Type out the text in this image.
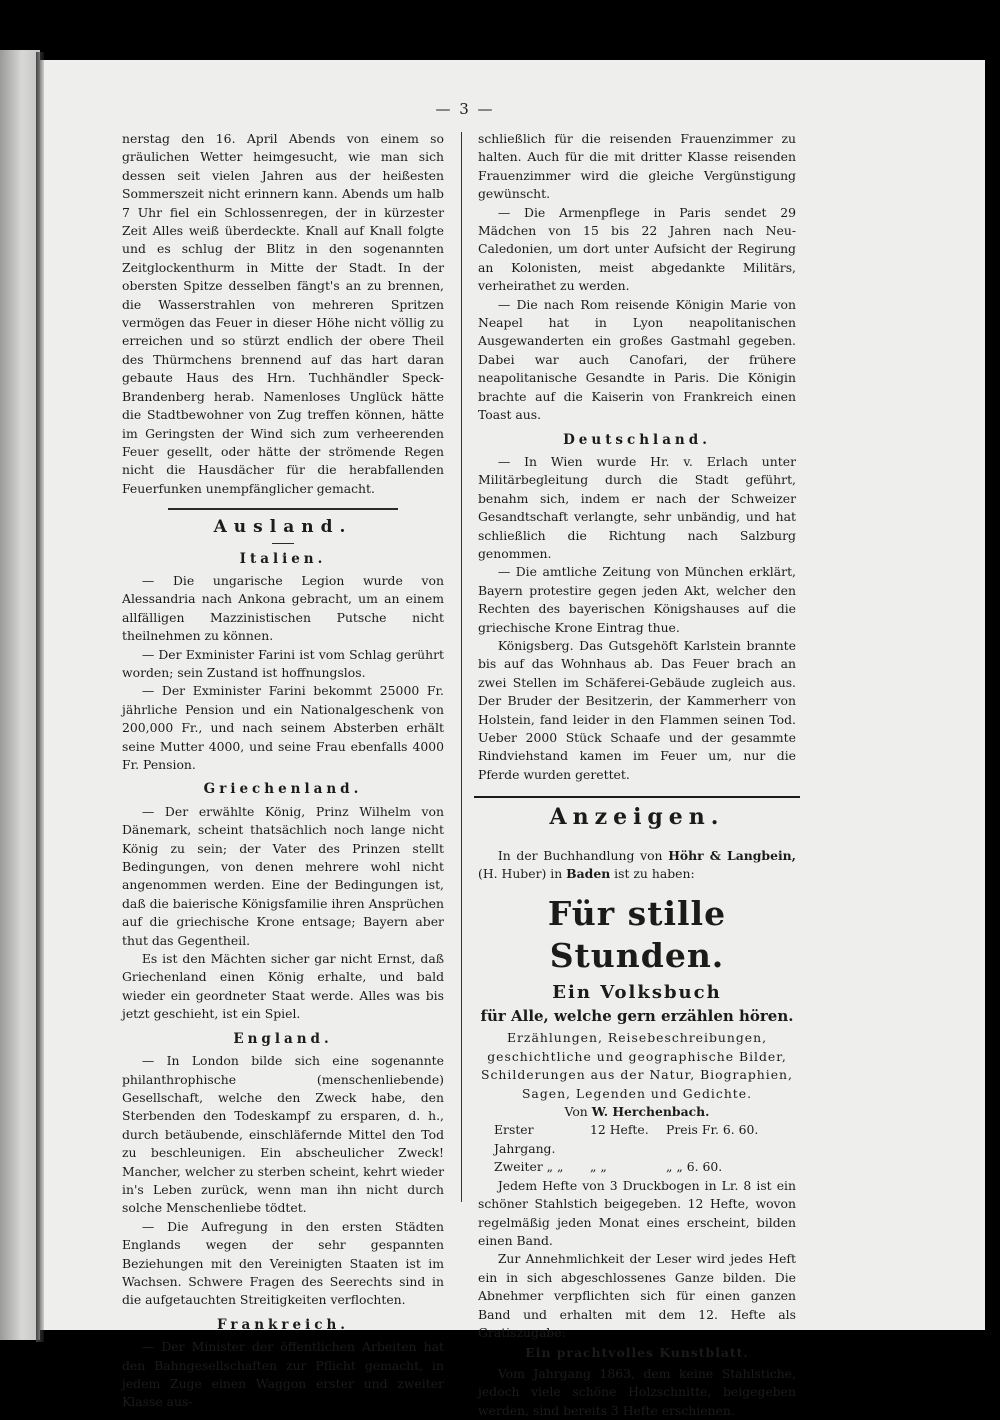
— 3 —

nerstag den 16. April Abends von einem so gräulichen Wetter heimgesucht, wie man sich dessen seit vielen Jahren aus der heißesten Sommerszeit nicht erinnern kann. Abends um halb 7 Uhr fiel ein Schlossenregen, der in kürzester Zeit Alles weiß überdeckte. Knall auf Knall folgte und es schlug der Blitz in den sogenannten Zeitglockenthurm in Mitte der Stadt. In der obersten Spitze desselben fängt's an zu brennen, die Wasserstrahlen von mehreren Spritzen vermögen das Feuer in dieser Höhe nicht völlig zu erreichen und so stürzt endlich der obere Theil des Thürmchens brennend auf das hart daran gebaute Haus des Hrn. Tuchhändler Speck-Brandenberg herab. Namenloses Unglück hätte die Stadtbewohner von Zug treffen können, hätte im Geringsten der Wind sich zum verheerenden Feuer gesellt, oder hätte der strömende Regen nicht die Hausdächer für die herabfallenden Feuerfunken unempfänglicher gemacht.

Ausland.
Italien.

— Die ungarische Legion wurde von Alessandria nach Ankona gebracht, um an einem allfälligen Mazzinistischen Putsche nicht theilnehmen zu können.

— Der Exminister Farini ist vom Schlag gerührt worden; sein Zustand ist hoffnungslos.

— Der Exminister Farini bekommt 25000 Fr. jährliche Pension und ein Nationalgeschenk von 200,000 Fr., und nach seinem Absterben erhält seine Mutter 4000, und seine Frau ebenfalls 4000 Fr. Pension.

Griechenland.

— Der erwählte König, Prinz Wilhelm von Dänemark, scheint thatsächlich noch lange nicht König zu sein; der Vater des Prinzen stellt Bedingungen, von denen mehrere wohl nicht angenommen werden. Eine der Bedingungen ist, daß die baierische Königsfamilie ihren Ansprüchen auf die griechische Krone entsage; Bayern aber thut das Gegentheil.

Es ist den Mächten sicher gar nicht Ernst, daß Griechenland einen König erhalte, und bald wieder ein geordneter Staat werde. Alles was bis jetzt geschieht, ist ein Spiel.

England.

— In London bilde sich eine sogenannte philanthrophische (menschenliebende) Gesellschaft, welche den Zweck habe, den Sterbenden den Todeskampf zu ersparen, d. h., durch betäubende, einschläfernde Mittel den Tod zu beschleunigen. Ein abscheulicher Zweck! Mancher, welcher zu sterben scheint, kehrt wieder in's Leben zurück, wenn man ihn nicht durch solche Menschenliebe tödtet.

— Die Aufregung in den ersten Städten Englands wegen der sehr gespannten Beziehungen mit den Vereinigten Staaten ist im Wachsen. Schwere Fragen des Seerechts sind in die aufgetauchten Streitigkeiten verflochten.

Frankreich.

— Der Minister der öffentlichen Arbeiten hat den Bahngesellschaften zur Pflicht gemacht, in jedem Zuge einen Waggon erster und zweiter Klasse aus-

schließlich für die reisenden Frauenzimmer zu halten. Auch für die mit dritter Klasse reisenden Frauenzimmer wird die gleiche Vergünstigung gewünscht.

— Die Armenpflege in Paris sendet 29 Mädchen von 15 bis 22 Jahren nach Neu-Caledonien, um dort unter Aufsicht der Regirung an Kolonisten, meist abgedankte Militärs, verheirathet zu werden.

— Die nach Rom reisende Königin Marie von Neapel hat in Lyon neapolitanischen Ausgewanderten ein großes Gastmahl gegeben. Dabei war auch Canofari, der frühere neapolitanische Gesandte in Paris. Die Königin brachte auf die Kaiserin von Frankreich einen Toast aus.

Deutschland.

— In Wien wurde Hr. v. Erlach unter Militärbegleitung durch die Stadt geführt, benahm sich, indem er nach der Schweizer Gesandtschaft verlangte, sehr unbändig, und hat schließlich die Richtung nach Salzburg genommen.

— Die amtliche Zeitung von München erklärt, Bayern protestire gegen jeden Akt, welcher den Rechten des bayerischen Königshauses auf die griechische Krone Eintrag thue.

Königsberg. Das Gutsgehöft Karlstein brannte bis auf das Wohnhaus ab. Das Feuer brach an zwei Stellen im Schäferei-Gebäude zugleich aus. Der Bruder der Besitzerin, der Kammerherr von Holstein, fand leider in den Flammen seinen Tod. Ueber 2000 Stück Schaafe und der gesammte Rindviehstand kamen im Feuer um, nur die Pferde wurden gerettet.

Anzeigen.

In der Buchhandlung von Höhr & Langbein, (H. Huber) in Baden ist zu haben:

Für stille Stunden.
Ein Volksbuch
für Alle, welche gern erzählen hören.

Erzählungen, Reisebeschreibungen, geschichtliche und geographische Bilder, Schilderungen aus der Natur, Biographien, Sagen, Legenden und Gedichte.

Von W. Herchenbach.

Erster Jahrgang.
12 Hefte.	Preis Fr. 6. 60.
Zweiter „ „	„ „	„ „ 6. 60.

Jedem Hefte von 3 Druckbogen in Lr. 8 ist ein schöner Stahlstich beigegeben. 12 Hefte, wovon regelmäßig jeden Monat eines erscheint, bilden einen Band.

Zur Annehmlichkeit der Leser wird jedes Heft ein in sich abgeschlossenes Ganze bilden. Die Abnehmer verpflichten sich für einen ganzen Band und erhalten mit dem 12. Hefte als Gratiszugabe:

Ein prachtvolles Kunstblatt.

Vom Jahrgang 1863, dem keine Stahlstiche, jedoch viele schöne Holzschnitte, beigegeben werden, sind bereits 3 Hefte erschienen.
